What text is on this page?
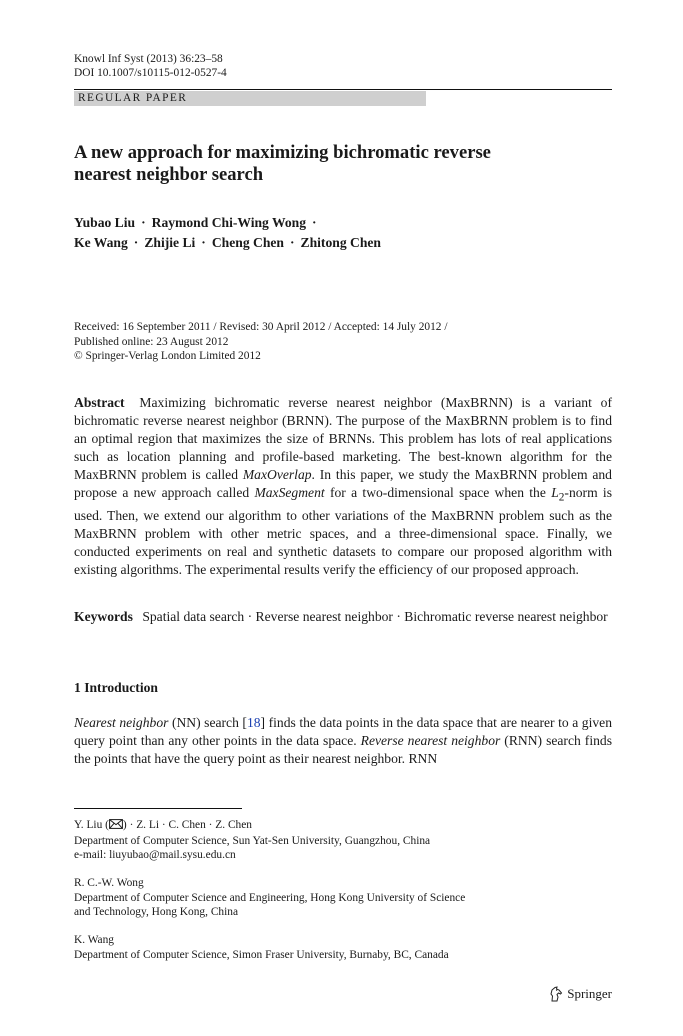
Knowl Inf Syst (2013) 36:23–58
DOI 10.1007/s10115-012-0527-4
REGULAR PAPER
A new approach for maximizing bichromatic reverse
nearest neighbor search
Yubao Liu · Raymond Chi-Wing Wong ·
Ke Wang · Zhijie Li · Cheng Chen · Zhitong Chen
Received: 16 September 2011 / Revised: 30 April 2012 / Accepted: 14 July 2012 /
Published online: 23 August 2012
© Springer-Verlag London Limited 2012
Abstract Maximizing bichromatic reverse nearest neighbor (MaxBRNN) is a variant of bichromatic reverse nearest neighbor (BRNN). The purpose of the MaxBRNN problem is to find an optimal region that maximizes the size of BRNNs. This problem has lots of real applications such as location planning and profile-based marketing. The best-known algorithm for the MaxBRNN problem is called MaxOverlap. In this paper, we study the MaxBRNN problem and propose a new approach called MaxSegment for a two-dimensional space when the $L_2$-norm is used. Then, we extend our algorithm to other variations of the MaxBRNN problem such as the MaxBRNN problem with other metric spaces, and a three-dimensional space. Finally, we conducted experiments on real and synthetic datasets to compare our proposed algorithm with existing algorithms. The experimental results verify the efficiency of our proposed approach.
Keywords Spatial data search · Reverse nearest neighbor · Bichromatic reverse nearest neighbor
1 Introduction
Nearest neighbor (NN) search [18] finds the data points in the data space that are nearer to a given query point than any other points in the data space. Reverse nearest neighbor (RNN) search finds the points that have the query point as their nearest neighbor. RNN
Y. Liu ( ) · Z. Li · C. Chen · Z. Chen
Department of Computer Science, Sun Yat-Sen University, Guangzhou, China
e-mail: liuyubao@mail.sysu.edu.cn
R. C.-W. Wong
Department of Computer Science and Engineering, Hong Kong University of Science
and Technology, Hong Kong, China
K. Wang
Department of Computer Science, Simon Fraser University, Burnaby, BC, Canada
Springer
